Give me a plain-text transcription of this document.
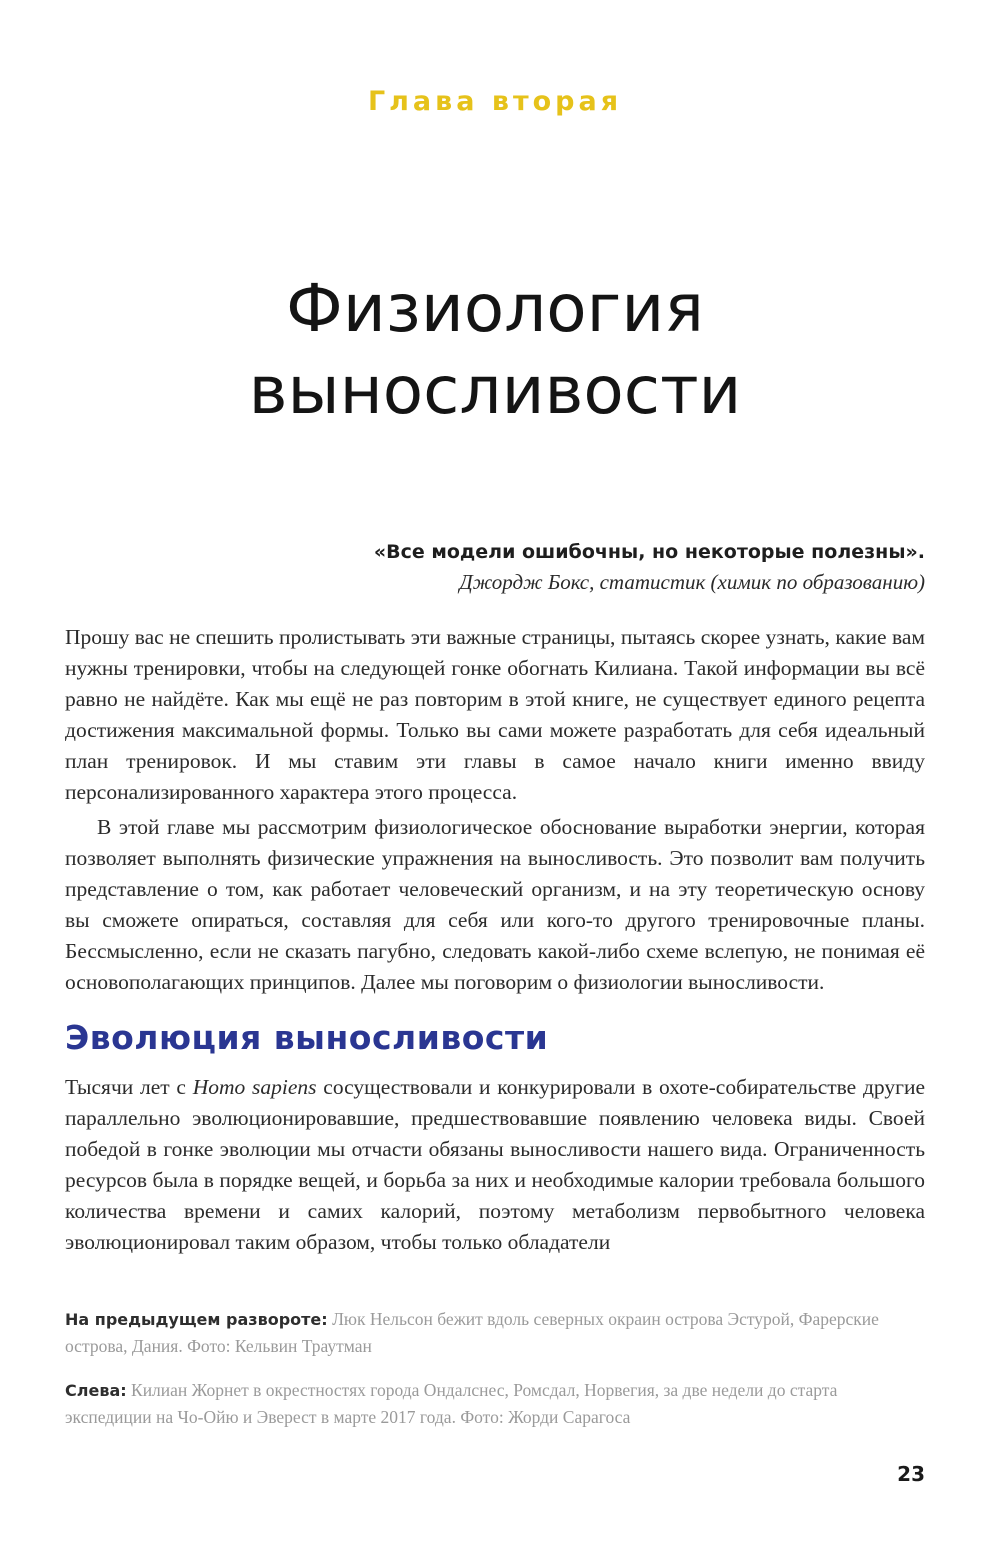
Глава вторая
Физиология
выносливости
«Все модели ошибочны, но некоторые полезны».
Джордж Бокс, статистик (химик по образованию)

Прошу вас не спешить пролистывать эти важные страницы, пытаясь скорее узнать, какие вам нужны тренировки, чтобы на следующей гонке обогнать Килиана. Такой информации вы всё равно не найдёте. Как мы ещё не раз повторим в этой книге, не существует единого рецепта достижения максимальной формы. Только вы сами можете разработать для себя идеальный план тренировок. И мы ставим эти главы в самое начало книги именно ввиду персонализированного характера этого процесса.

В этой главе мы рассмотрим физиологическое обоснование выработки энергии, которая позволяет выполнять физические упражнения на выносливость. Это позволит вам получить представление о том, как работает человеческий организм, и на эту теоретическую основу вы сможете опираться, составляя для себя или кого-то другого тренировочные планы. Бессмысленно, если не сказать пагубно, следовать какой-либо схеме вслепую, не понимая её основополагающих принципов. Далее мы поговорим о физиологии выносливости.

Эволюция выносливости

Тысячи лет с Homo sapiens сосуществовали и конкурировали в охоте-собирательстве другие параллельно эволюционировавшие, предшествовавшие появлению человека виды. Своей победой в гонке эволюции мы отчасти обязаны выносливости нашего вида. Ограниченность ресурсов была в порядке вещей, и борьба за них и необходимые калории требовала большого количества времени и самих калорий, поэтому метаболизм первобытного человека эволюционировал таким образом, чтобы только обладатели

На предыдущем развороте: Люк Нельсон бежит вдоль северных окраин острова Эстурой, Фарерские острова, Дания. Фото: Кельвин Траутман

Слева: Килиан Жорнет в окрестностях города Ондалснес, Ромсдал, Норвегия, за две недели до старта экспедиции на Чо-Ойю и Эверест в марте 2017 года. Фото: Жорди Сарагоса

23
